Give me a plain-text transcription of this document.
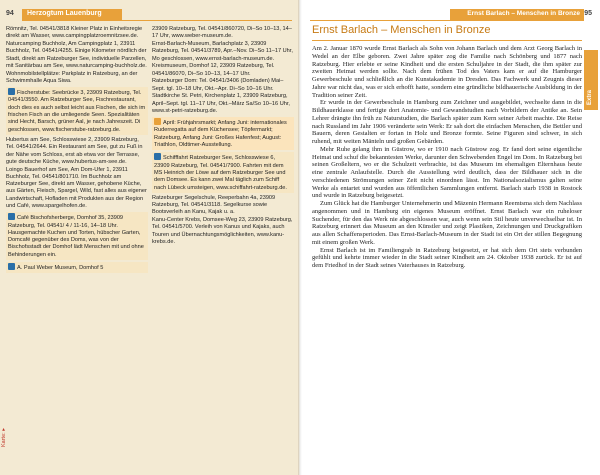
94 Herzogtum Lauenburg	Ernst Barlach – Menschen in Bronze 95
Römnitz, Tel. 04541/3818 Kleiner Platz in Einheitsregie direkt am Wasser, www.campingplatzroemnitzsee.de.
Naturcamping Buchholz, Am Campingplatz 1, 23911 Buchholz, Tel. 04541/4255. Einige Kilometer nördlich der Stadt, direkt am Ratzeburger See, individuelle Parzellen, mit Sanitärbau am See, www.naturcamping-buchholz.de.
Wohnmobilstellplätze: Parkplatz in Ratzeburg, an der Schwimmhalle Aqua Siwa.
Fischerstube: Seebrücke 3, 23909 Ratzeburg, Tel. 04541/3550. Am Ratzeburger See, Fischrestaurant, doch dies es auch selbst leicht aus Fischen, die sich im frischen Fisch an die umliegende Seen. Spezialitäten sind Hecht, Barsch, grüner Aal, je nach Jahreszeit. Di geschlossen, www.fischerstube-ratzeburg.de.
Hubertus am See, Schlosswiese 2, 23909 Ratzeburg, Tel. 04541/2644. Ein Restaurant am See, gut zu Fuß in der Nähe vom Schloss, erst ab etwa vor der Terrasse, gute deutsche Küche, www.hubertus-am-see.de.
Loingo Bauerhof am See, Am Dom-Ufer 1, 23911 Buchholz, Tel. 04541/801710. Im Buchholz am Ratzeburger See, direkt am Wasser, gehobene Küche, aus Gärten, Fleisch, Spargel, Wild, fast alles aus eigener Landwirtschaft, Hofladen mit Produkten aus der Region und Café, www.spargelhofen.de.
Café Bischofsherberge, Domhof 35, 23909 Ratzeburg, Tel. 04541/ 4 / 11-16, 14–18 Uhr. Hausgemachte Kuchen und Torten, hübscher Garten, Domcafé gegenüber des Doms, was von der Bischofsstadt der Domhof lädt Menschen mit und ohne Behinderungen ein.
A. Paul Weber Museum, Domhof 5
23909 Ratzeburg, Tel. 04541/860720, Di–So 10–13, 14–17 Uhr, www.weber-museum.de.
Ernst-Barlach-Museum, Barlachplatz 3, 23909 Ratzeburg, Tel. 04541/3789, Apr.–Nov. Di–So 11–17 Uhr, Mo geschlossen, www.ernst-barlach-museum.de.
Kreismuseum, Domhof 12, 23909 Ratzeburg, Tel. 04541/86070, Di–So 10–13, 14–17 Uhr.
Ratzeburger Dom: Tel. 04541/3406 (Domladen) Mai–Sept. tgl. 10–18 Uhr, Okt.–Apr. Di–So 10–16 Uhr.
Stadtkirche St. Petri, Kirchenplatz 1, 23909 Ratzeburg, April–Sept. tgl. 11–17 Uhr, Okt.–März Sa/So 10–16 Uhr, www.st-petri-ratzeburg.de.
April: Frühjahrsmarkt; Anfang Juni: internationales Ruderregatta auf dem Küchensee; Töpfermarkt; Ratzeburg, Anfang Juni: Großes Hafenfest; August: Triathlon, Oldtimer-Ausstellung.
Schifffahrt Ratzeburger See, Schlosswiese 6, 23909 Ratzeburg, Tel. 04541/7900. Fahrten mit dem MS Heinrich der Löwe auf dem Ratzeburger See und dem Domsee. Es kann zwei Mal täglich zum Schiff nach Lübeck umsteigen, www.schiffahrt-ratzeburg.de.
Ratzeburger Segelschule, Reeperbahn 4a, 23909 Ratzeburg, Tel. 04541/3118. Segelkurse sowie Bootsverleih an Kanu, Kajak u. a.
Kanu-Center Krebs, Domsee-Weg 23, 23909 Ratzeburg, Tel. 04541/5700. Verleih von Kanus und Kajaks, auch Touren und Übernachtungsmöglichkeiten, www.kanu-krebs.de.
Karte: ▸
Extra
Ernst Barlach – Menschen in Bronze

Am 2. Januar 1870 wurde Ernst Barlach als Sohn von Johann Barlach und dem Arzt Georg Barlach in Wedel an der Elbe geboren. Zwei Jahre später zog die Familie nach Schönberg und 1877 nach Ratzeburg. Hier erlebte er seine Kindheit und die ersten Schuljahre in der Stadt, die ihm später zur zweiten Heimat werden sollte. Nach dem frühen Tod des Vaters kam er auf die Hamburger Gewerbeschule und schließlich an die Kunstakademie in Dresden. Das Fachwerk und Zeugnis dieser Jahre war nicht das, was er sich erhofft hatte, sondern eine gründliche bildhauerische Ausbildung in der Tradition seiner Zeit.

Er wurde in der Gewerbeschule in Hamburg zum Zeichner und ausgebildet, wechselte dann in die Bildhauerklasse und fertigte dort Anatomie- und Gewandstudien nach Vorbildern der Antike an. Sein Lehrer drängte ihn früh zu Naturstudien, die Barlach später zum Kern seiner Arbeit machte. Die Reise nach Russland im Jahr 1906 veränderte sein Werk: Er sah dort die einfachen Menschen, die Bettler und Bauern, deren Gestalten er fortan in Holz und Bronze formte. Seine Figuren sind schwer, in sich ruhend, mit weiten Mänteln und großen Gebärden.

Mehr Ruhe gelang ihm in Güstrow, wo er 1910 nach Güstrow zog. Er fand dort seine eigentliche Heimat und schuf die bekanntesten Werke, darunter den Schwebenden Engel im Dom. In Ratzeburg bei seinen Großeltern, wo er die Schulzeit verbrachte, ist das Museum im ehemaligen Elternhaus heute eine zentrale Anlaufstelle. Durch die Ausstellung wird deutlich, dass der Bildhauer sich in die verschiedenen Strömungen seiner Zeit nicht einordnen lässt. Im Nationalsozialismus galten seine Werke als entartet und wurden aus öffentlichen Sammlungen entfernt. Barlach starb 1938 in Rostock und wurde in Ratzeburg beigesetzt.

Zum Glück hat die Hamburger Unternehmerin und Mäzenin Hermann Reemtsma sich dem Nachlass angenommen und in Hamburg ein eigenes Museum eröffnet. Ernst Barlach war ein ruheloser Suchender, für den das Werk nie abgeschlossen war, auch wenn sein Stil heute unverwechselbar ist. In Ratzeburg erinnert das Museum an den Künstler und zeigt Plastiken, Zeichnungen und Druckgrafiken aus allen Schaffensperioden. Das Ernst-Barlach-Museum in der Stadt ist ein Ort der stillen Begegnung mit einem großen Werk.

Ernst Barlach ist im Familiengrab in Ratzeburg beigesetzt, er hat sich dem Ort stets verbunden gefühlt und kehrte immer wieder in die Stadt seiner Kindheit am 24. Oktober 1938 zurück. Er ist auf dem Friedhof in der Stadt seines Vaterhauses in Ratzeburg.
